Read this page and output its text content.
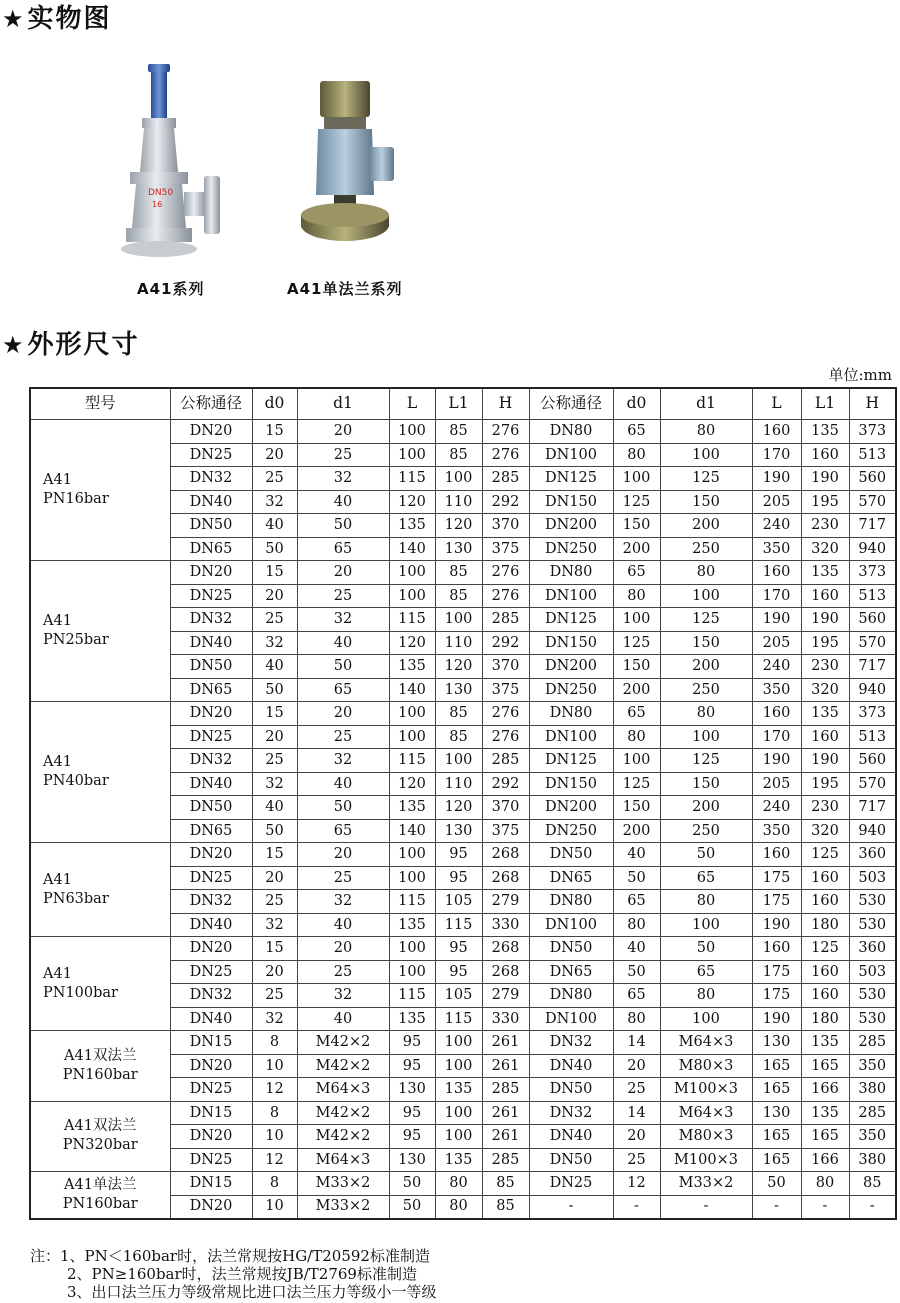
★实物图
DN50
16
A41系列	A41单法兰系列
★外形尺寸
单位:mm
型号	公称通径	d0	d1	L	L1	H	公称通径	d0	d1	L	L1	H
A41
PN16bar	DN20	15	20	100	85	276	DN80	65	80	160	135	373
	DN25	20	25	100	85	276	DN100	80	100	170	160	513
	DN32	25	32	115	100	285	DN125	100	125	190	190	560
	DN40	32	40	120	110	292	DN150	125	150	205	195	570
	DN50	40	50	135	120	370	DN200	150	200	240	230	717
	DN65	50	65	140	130	375	DN250	200	250	350	320	940
A41
PN25bar	DN20	15	20	100	85	276	DN80	65	80	160	135	373
	DN25	20	25	100	85	276	DN100	80	100	170	160	513
	DN32	25	32	115	100	285	DN125	100	125	190	190	560
	DN40	32	40	120	110	292	DN150	125	150	205	195	570
	DN50	40	50	135	120	370	DN200	150	200	240	230	717
	DN65	50	65	140	130	375	DN250	200	250	350	320	940
A41
PN40bar	DN20	15	20	100	85	276	DN80	65	80	160	135	373
	DN25	20	25	100	85	276	DN100	80	100	170	160	513
	DN32	25	32	115	100	285	DN125	100	125	190	190	560
	DN40	32	40	120	110	292	DN150	125	150	205	195	570
	DN50	40	50	135	120	370	DN200	150	200	240	230	717
	DN65	50	65	140	130	375	DN250	200	250	350	320	940
A41
PN63bar	DN20	15	20	100	95	268	DN50	40	50	160	125	360
	DN25	20	25	100	95	268	DN65	50	65	175	160	503
	DN32	25	32	115	105	279	DN80	65	80	175	160	530
	DN40	32	40	135	115	330	DN100	80	100	190	180	530
A41
PN100bar	DN20	15	20	100	95	268	DN50	40	50	160	125	360
	DN25	20	25	100	95	268	DN65	50	65	175	160	503
	DN32	25	32	115	105	279	DN80	65	80	175	160	530
	DN40	32	40	135	115	330	DN100	80	100	190	180	530
A41双法兰
PN160bar	DN15	8	M42×2	95	100	261	DN32	14	M64×3	130	135	285
	DN20	10	M42×2	95	100	261	DN40	20	M80×3	165	165	350
	DN25	12	M64×3	130	135	285	DN50	25	M100×3	165	166	380
A41双法兰
PN320bar	DN15	8	M42×2	95	100	261	DN32	14	M64×3	130	135	285
	DN20	10	M42×2	95	100	261	DN40	20	M80×3	165	165	350
	DN25	12	M64×3	130	135	285	DN50	25	M100×3	165	166	380
A41单法兰
PN160bar	DN15	8	M33×2	50	80	85	DN25	12	M33×2	50	80	85
	DN20	10	M33×2	50	80	85	-	-	-	-	-	-
注：1、PN＜160bar时，法兰常规按HG/T20592标准制造
2、PN≥160bar时，法兰常规按JB/T2769标准制造
3、出口法兰压力等级常规比进口法兰压力等级小一等级
